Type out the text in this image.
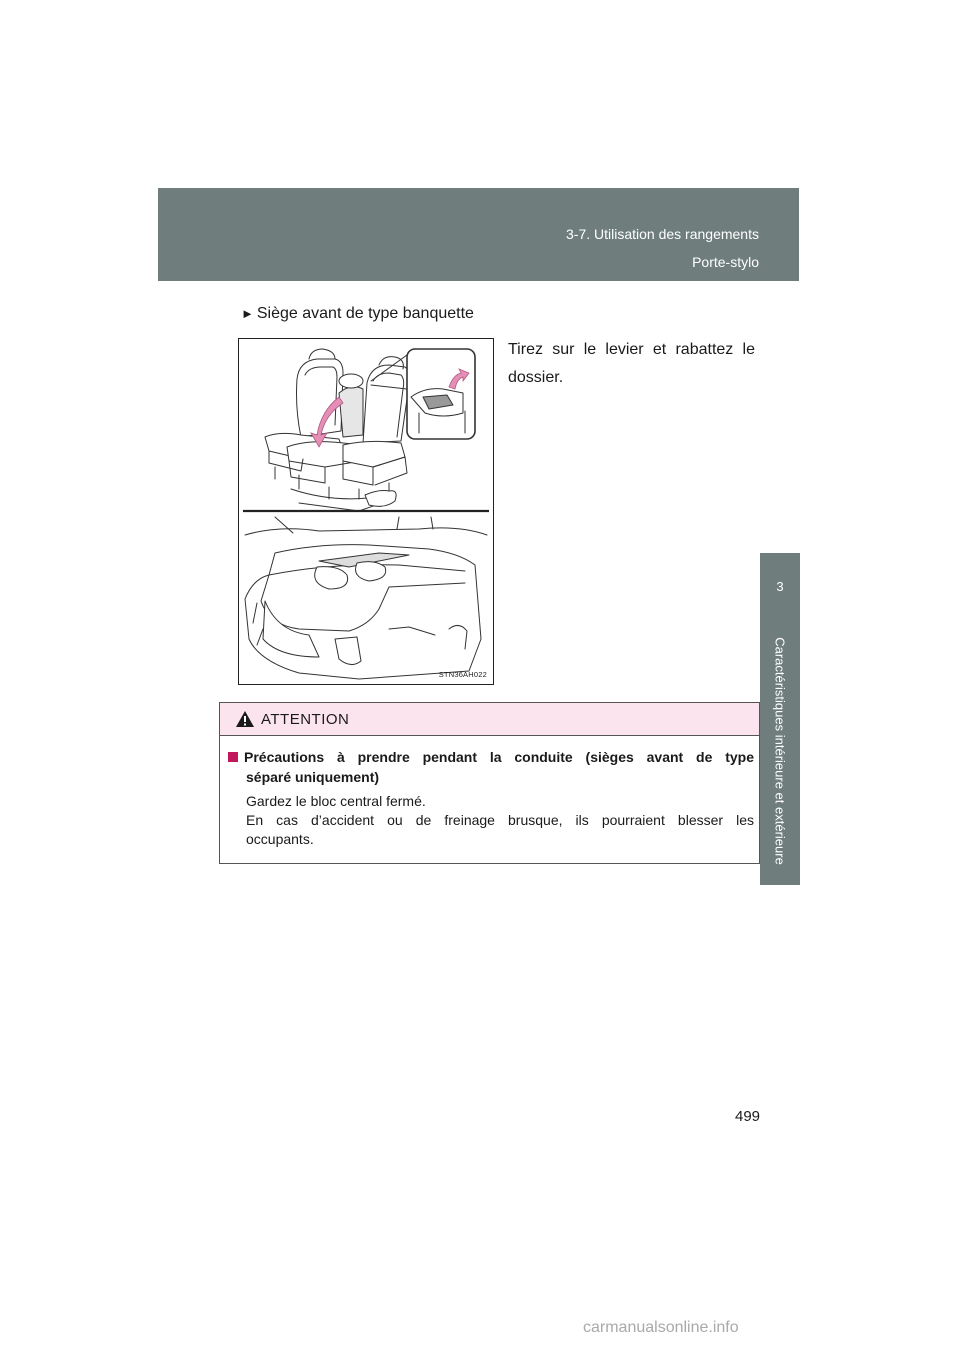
3-7. Utilisation des rangements
Porte-stylo
3
Caractéristiques intérieure et extérieure
► Siège avant de type banquette
Tirez sur le levier et rabattez le dossier.
STN36AH022
ATTENTION
Précautions à prendre pendant la conduite (sièges avant de type
séparé uniquement)

Gardez le bloc central fermé.

En cas d’accident ou de freinage brusque, ils pourraient blesser les

occupants.

499
carmanualsonline.info
